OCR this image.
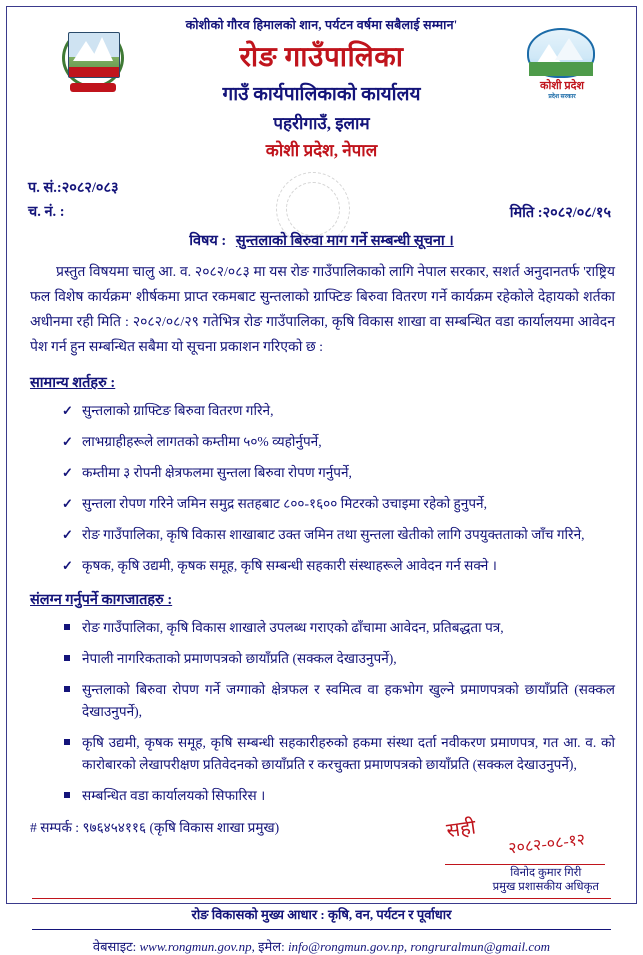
कोशी प्रदेश
प्रदेश सरकार
कोशीको गौरव हिमालको शान, पर्यटन वर्षमा सबैलाई सम्मान'
रोङ गाउँपालिका
गाउँ कार्यपालिकाको कार्यालय
पहरीगाउँ, इलाम
कोशी प्रदेश, नेपाल
प. सं.:२०८२/०८३
च. नं. :	मिति :२०८२/०८/१५
विषय : सुन्तलाको बिरुवा माग गर्ने सम्बन्धी सूचना ।
प्रस्तुत विषयमा चालु आ. व. २०८२/०८३ मा यस रोङ गाउँपालिकाको लागि नेपाल सरकार, सशर्त अनुदानतर्फ 'राष्ट्रिय फल विशेष कार्यक्रम' शीर्षकमा प्राप्त रकमबाट सुन्तलाको ग्राफ्टिङ बिरुवा वितरण गर्ने कार्यक्रम रहेकोले देहायको शर्तका अधीनमा रही मिति : २०८२/०८/२९ गतेभित्र रोङ गाउँपालिका, कृषि विकास शाखा वा सम्बन्धित वडा कार्यालयमा आवेदन पेश गर्न हुन सम्बन्धित सबैमा यो सूचना प्रकाशन गरिएको छ :
सामान्य शर्तहरु :
✓ सुन्तलाको ग्राफ्टिङ बिरुवा वितरण गरिने,
✓ लाभग्राहीहरूले लागतको कम्तीमा ५०% व्यहोर्नुपर्ने,
✓ कम्तीमा ३ रोपनी क्षेत्रफलमा सुन्तला बिरुवा रोपण गर्नुपर्ने,
✓ सुन्तला रोपण गरिने जमिन समुद्र सतहबाट ८००-१६०० मिटरको उचाइमा रहेको हुनुपर्ने,
✓ रोङ गाउँपालिका, कृषि विकास शाखाबाट उक्त जमिन तथा सुन्तला खेतीको लागि उपयुक्तताको जाँच गरिने,
✓ कृषक, कृषि उद्यमी, कृषक समूह, कृषि सम्बन्धी सहकारी संस्थाहरूले आवेदन गर्न सक्ने ।
संलग्न गर्नुपर्ने कागजातहरु :
रोङ गाउँपालिका, कृषि विकास शाखाले उपलब्ध गराएको ढाँचामा आवेदन, प्रतिबद्धता पत्र,
नेपाली नागरिकताको प्रमाणपत्रको छायाँप्रति (सक्कल देखाउनुपर्ने),
सुन्तलाको बिरुवा रोपण गर्ने जग्गाको क्षेत्रफल र स्वमित्व वा हकभोग खुल्ने प्रमाणपत्रको छायाँप्रति (सक्कल देखाउनुपर्ने),
कृषि उद्यमी, कृषक समूह, कृषि सम्बन्धी सहकारीहरुको हकमा संस्था दर्ता नवीकरण प्रमाणपत्र, गत आ. व. को कारोबारको लेखापरीक्षण प्रतिवेदनको छायाँप्रति र करचुक्ता प्रमाणपत्रको छायाँप्रति (सक्कल देखाउनुपर्ने),
सम्बन्धित वडा कार्यालयको सिफारिस ।
# सम्पर्क : ९७६४५४११६ (कृषि विकास शाखा प्रमुख)	सही
२०८२-०८-१२
विनोद कुमार गिरी
प्रमुख प्रशासकीय अधिकृत
रोङ विकासको मुख्य आधार : कृषि, वन, पर्यटन र पूर्वाधार
वेबसाइट: www.rongmun.gov.np, इमेल: info@rongmun.gov.np, rongruralmun@gmail.com
